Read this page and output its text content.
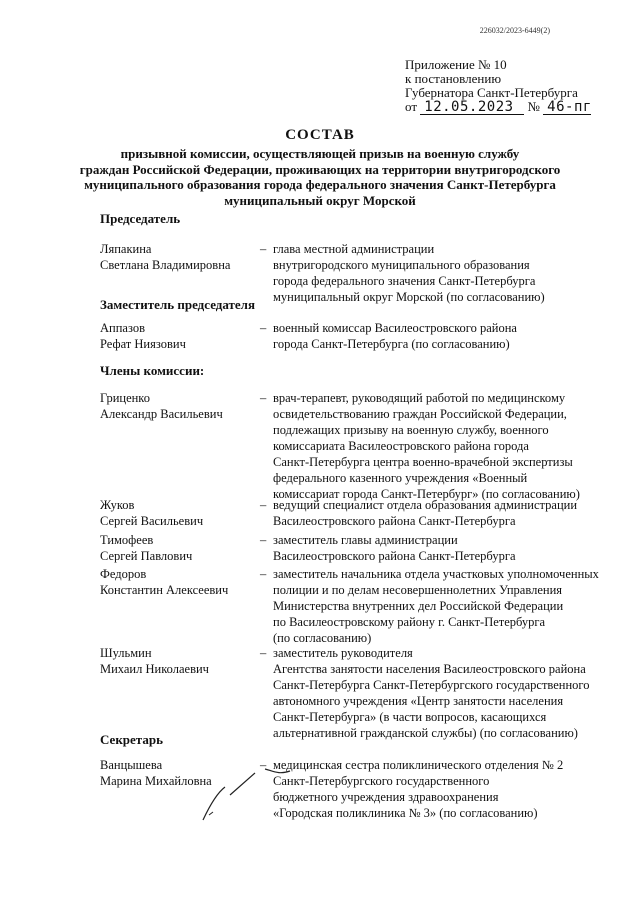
226032/2023-6449(2)
Приложение № 10
к постановлению
Губернатора Санкт-Петербурга
от 12.05.2023 № 46-пг
СОСТАВ
призывной комиссии, осуществляющей призыв на военную службу
граждан Российской Федерации, проживающих на территории внутригородского
муниципального образования города федерального значения Санкт-Петербурга
муниципальный округ Морской
Председатель
Ляпакина
Светлана Владимировна
– глава местной администрации
внутригородского муниципального образования
города федерального значения Санкт-Петербурга
муниципальный округ Морской (по согласованию)
Заместитель председателя
Аппазов
Рефат Ниязович
– военный комиссар Василеостровского района
города Санкт-Петербурга (по согласованию)
Члены комиссии:
Гриценко
Александр Васильевич
– врач-терапевт, руководящий работой по медицинскому
освидетельствованию граждан Российской Федерации,
подлежащих призыву на военную службу, военного
комиссариата Василеостровского района города
Санкт-Петербурга центра военно-врачебной экспертизы
федерального казенного учреждения «Военный
комиссариат города Санкт-Петербург» (по согласованию)
Жуков
Сергей Васильевич
– ведущий специалист отдела образования администрации
Василеостровского района Санкт-Петербурга
Тимофеев
Сергей Павлович
– заместитель главы администрации
Василеостровского района Санкт-Петербурга
Федоров
Константин Алексеевич
– заместитель начальника отдела участковых уполномоченных
полиции и по делам несовершеннолетних Управления
Министерства внутренних дел Российской Федерации
по Василеостровскому району г. Санкт-Петербурга
(по согласованию)
Шульмин
Михаил Николаевич
– заместитель руководителя
Агентства занятости населения Василеостровского района
Санкт-Петербурга Санкт-Петербургского государственного
автономного учреждения «Центр занятости населения
Санкт-Петербурга» (в части вопросов, касающихся
альтернативной гражданской службы) (по согласованию)
Секретарь
Ванцышева
Марина Михайловна
– медицинская сестра поликлинического отделения № 2
Санкт-Петербургского государственного
бюджетного учреждения здравоохранения
«Городская поликлиника № 3» (по согласованию)
